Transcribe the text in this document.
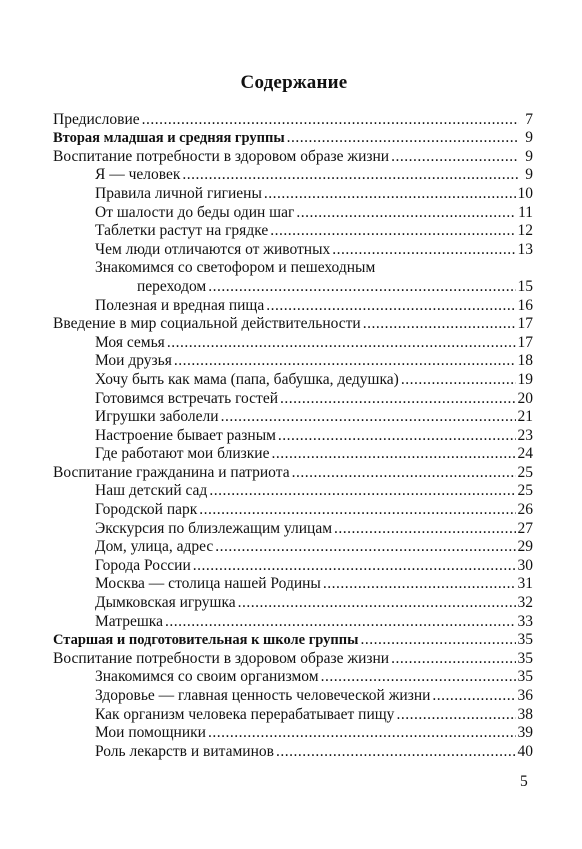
Содержание
Предисловие .....	7
Вторая младшая и средняя группы .....	9
Воспитание потребности в здоровом образе жизни .....	9
Я — человек .....	9
Правила личной гигиены .....	10
От шалости до беды один шаг .....	11
Таблетки растут на грядке .....	12
Чем люди отличаются от животных .....	13
Знакомимся со светофором и пешеходным
переходом .....	15
Полезная и вредная пища .....	16
Введение в мир социальной действительности .....	17
Моя семья .....	17
Мои друзья .....	18
Хочу быть как мама (папа, бабушка, дедушка) .....	19
Готовимся встречать гостей .....	20
Игрушки заболели .....	21
Настроение бывает разным .....	23
Где работают мои близкие .....	24
Воспитание гражданина и патриота .....	25
Наш детский сад .....	25
Городской парк .....	26
Экскурсия по близлежащим улицам .....	27
Дом, улица, адрес .....	29
Города России .....	30
Москва — столица нашей Родины .....	31
Дымковская игрушка .....	32
Матрешка .....	33
Старшая и подготовительная к школе группы .....	35
Воспитание потребности в здоровом образе жизни .....	35
Знакомимся со своим организмом .....	35
Здоровье — главная ценность человеческой жизни .....	36
Как организм человека перерабатывает пищу .....	38
Мои помощники .....	39
Роль лекарств и витаминов .....	40
5
